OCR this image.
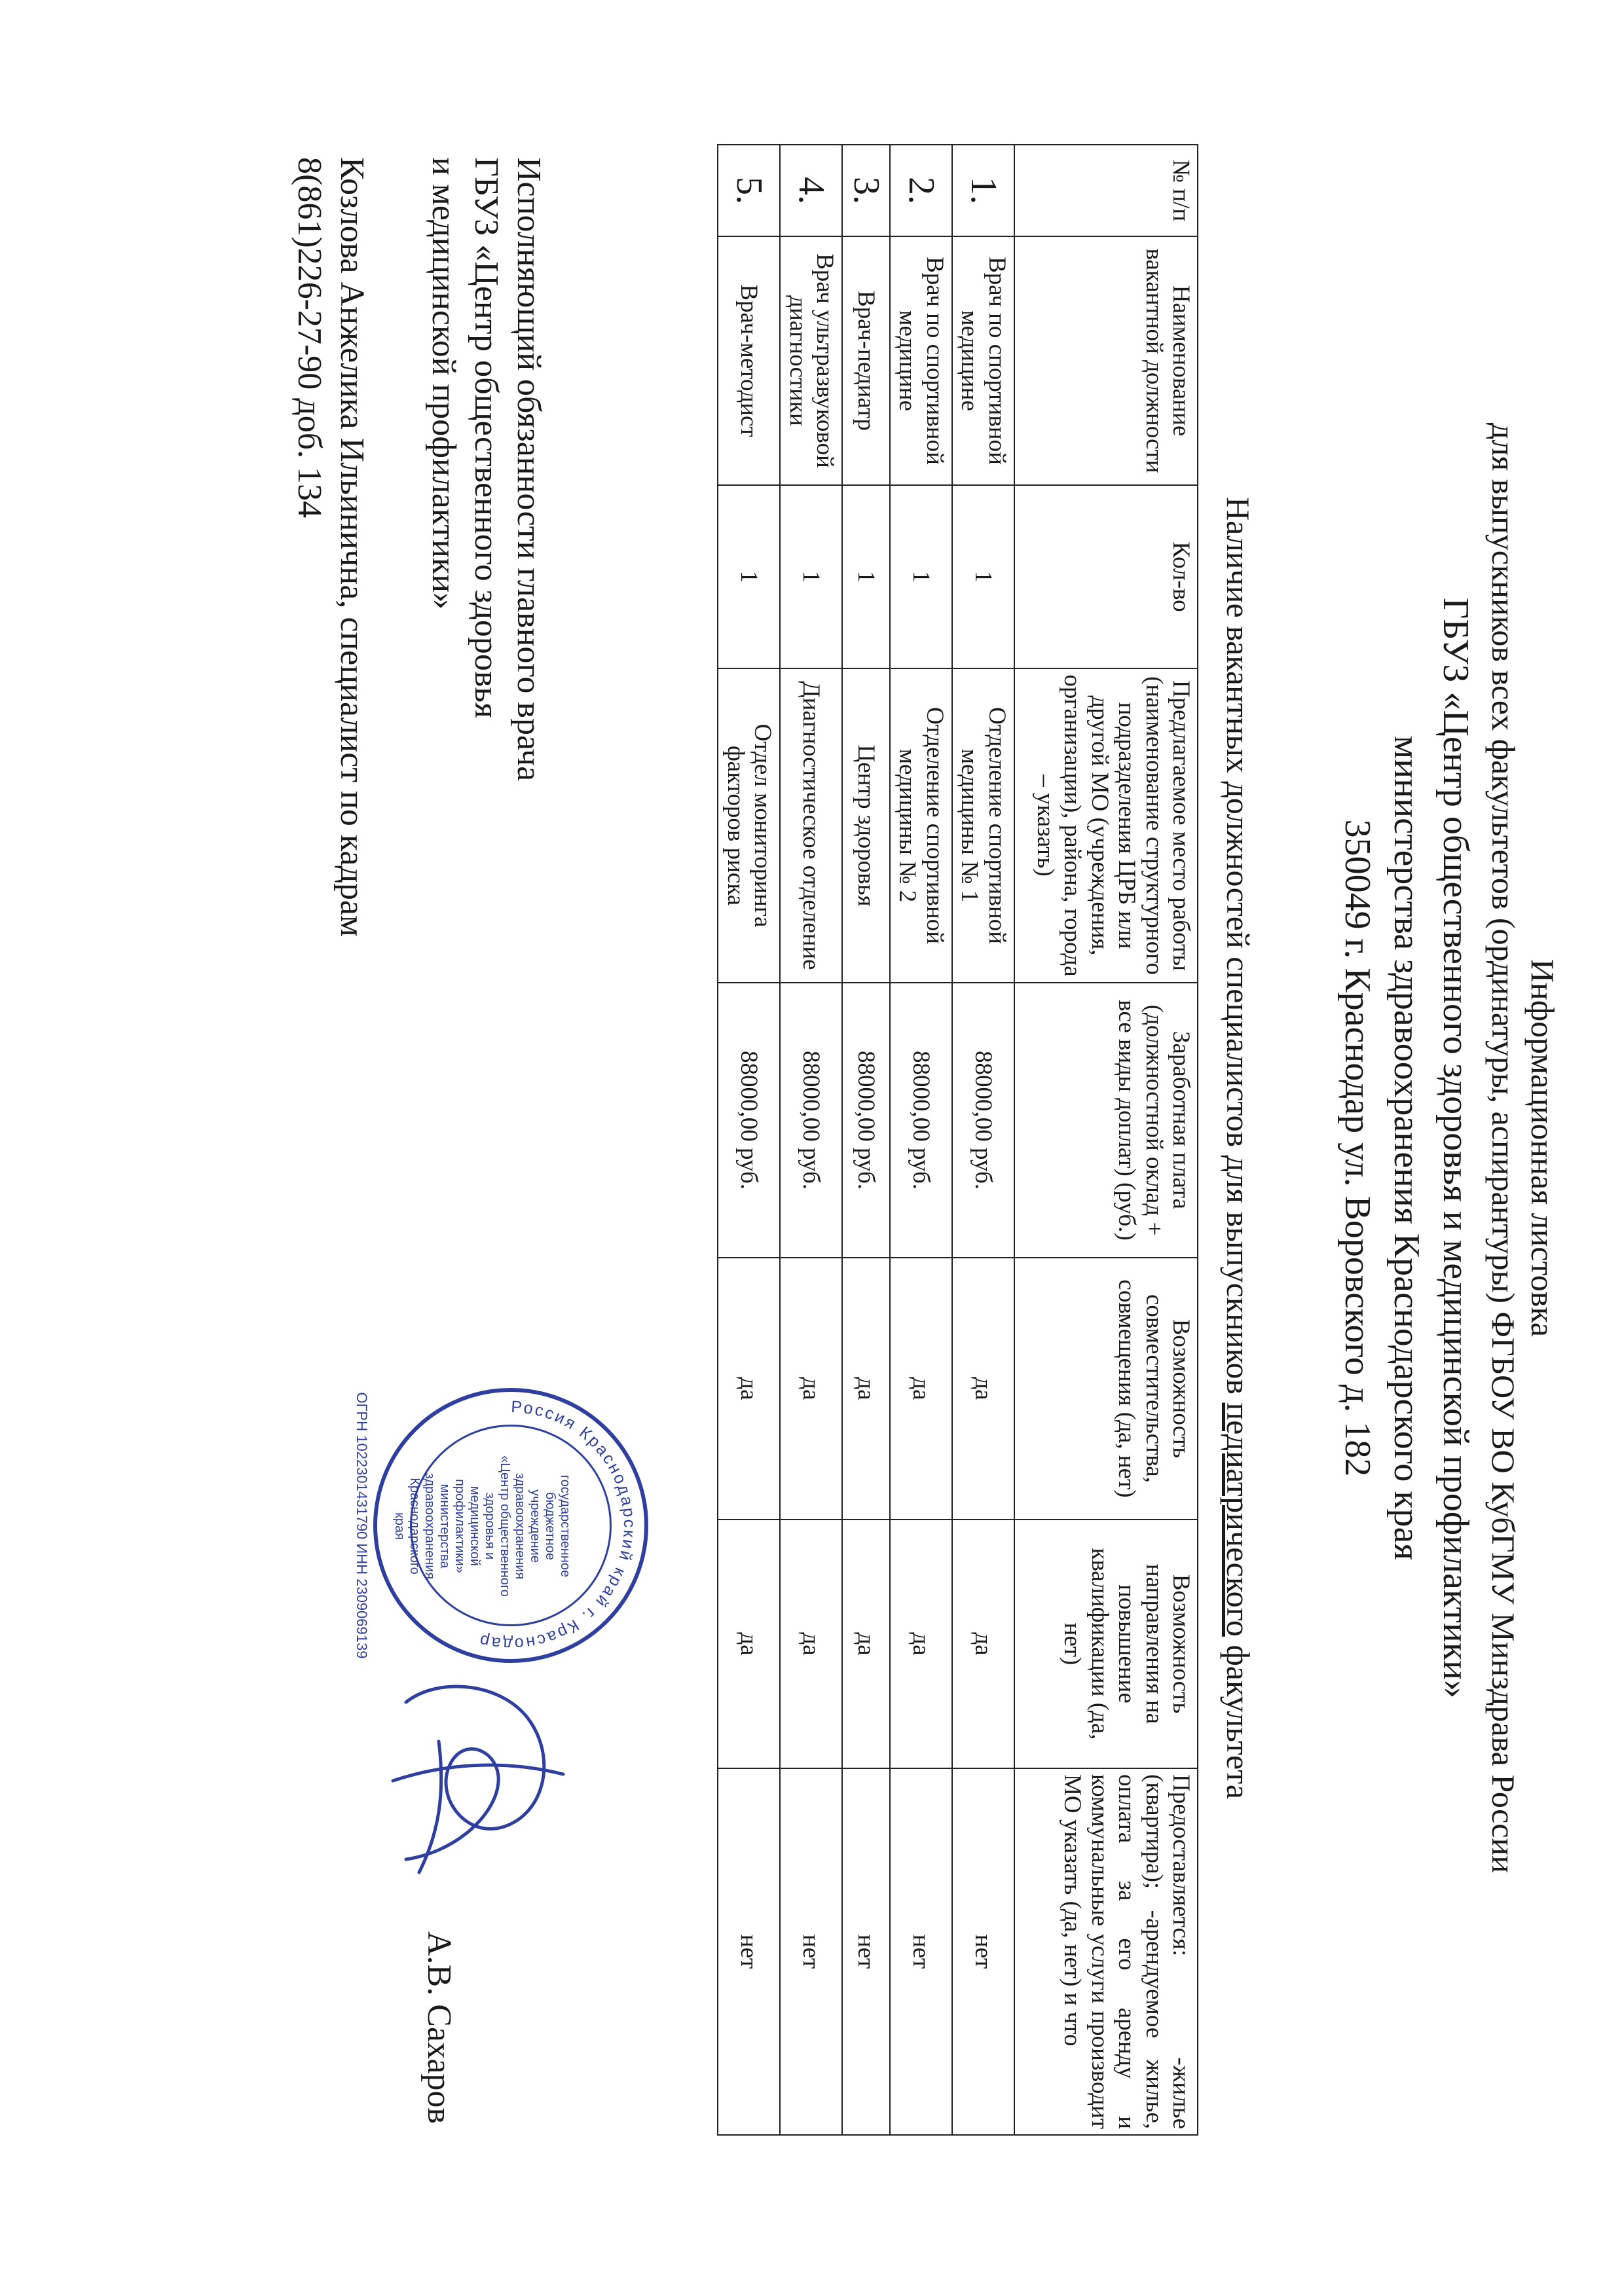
Информационная листовка
для выпускников всех факультетов (ординатуры, аспирантуры) ФГБОУ ВО КубГМУ Минздрава России
ГБУЗ «Центр общественного здоровья и медицинской профилактики»
министерства здравоохранения Краснодарского края
350049 г. Краснодар ул. Воровского д. 182
Наличие вакантных должностей специалистов для выпускников педиатрического факультета
№ п/п	Наименование вакантной должности	Кол-во	Предлагаемое место работы (наименование структурного подразделения ЦРБ или другой МО (учреждения, организации), района, города – указать)	Заработная плата (должностной оклад + все виды доплат) (руб.)	Возможность совместительства, совмещения (да, нет)	Возможность направления на повышение квалификации (да, нет)	Предоставляется: -жилье (квартира); -арендуемое жилье, оплата за его аренду и коммунальные услуги производит МО указать (да, нет) и что
1.	Врач по спортивной медицине	1	Отделение спортивной медицины № 1	88000,00 руб.	да	да	нет
2.	Врач по спортивной медицине	1	Отделение спортивной медицины № 2	88000,00 руб.	да	да	нет
3.	Врач-педиатр	1	Центр здоровья	88000,00 руб.	да	да	нет
4.	Врач ультразвуковой диагностики	1	Диагностическое отделение	88000,00 руб.	да	да	нет
5.	Врач-методист	1	Отдел мониторинга факторов риска	88000,00 руб.	да	да	нет
Исполняющий обязанности главного врача
ГБУЗ «Центр общественного здоровья
и медицинской профилактики»
Россия Краснодарский край г. Краснодар
государственное
бюджетное учреждение
здравоохранения
«Центр общественного
здоровья и медицинской
профилактики»
министерства
здравоохранения
Краснодарского
края
ОГРН 1022301431790 ИНН 2309069139
А.В. Сахаров
Козлова Анжелика Ильинична, специалист по кадрам
8(861)226-27-90 доб. 134
